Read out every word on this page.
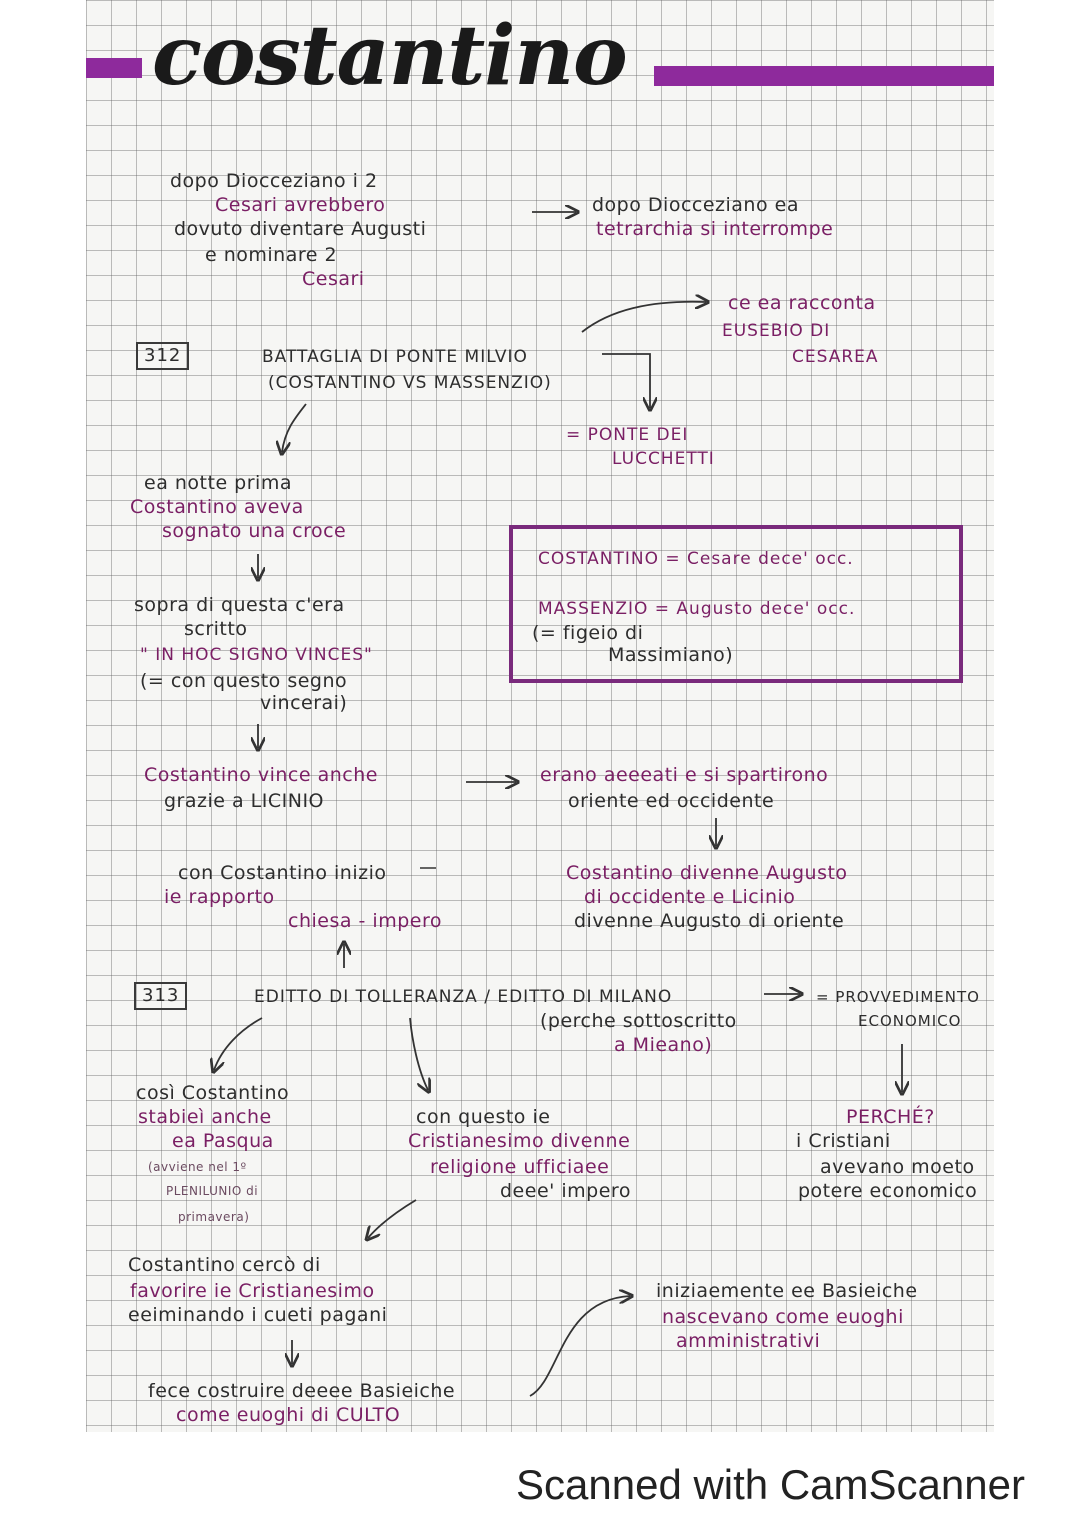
costantino
dopo Diocceziano i 2
Cesari avrebbero
dovuto diventare Augusti
e nominare 2
Cesari
dopo Diocceziano ea
tetrarchia si interrompe
ce ea racconta
EUSEBIO DI
CESAREA
312	BATTAGLIA DI PONTE MILVIO
(COSTANTINO VS MASSENZIO)
= PONTE DEI
LUCCHETTI
ea notte prima
Costantino aveva
sognato una croce
COSTANTINO = Cesare dece' occ.
MASSENZIO = Augusto dece' occ.
(= figeio di
Massimiano)
sopra di questa c'era
scritto
" IN HOC SIGNO VINCES"
(= con questo segno
vincerai)
Costantino vince anche
grazie a LICINIO
erano aeeeati e si spartirono
oriente ed occidente
con Costantino inizio
ie rapporto
chiesa - impero
Costantino divenne Augusto
di occidente e Licinio
divenne Augusto di oriente
313	EDITTO DI TOLLERANZA / EDITTO DI MILANO
(perche sottoscritto
a Mieano)
= PROVVEDIMENTO
ECONOMICO
così Costantino
stabieì anche
ea Pasqua
(avviene nel 1º
PLENILUNIO di
primavera)
con questo ie
Cristianesimo divenne
religione ufficiaee
deee' impero
PERCHÉ?
i Cristiani
avevano moeto
potere economico
Costantino cercò di
favorire ie Cristianesimo
eeiminando i cueti pagani
iniziaemente ee Basieiche
nascevano come euoghi
amministrativi
fece costruire deeee Basieiche
come euoghi di CULTO
Scanned with CamScanner
